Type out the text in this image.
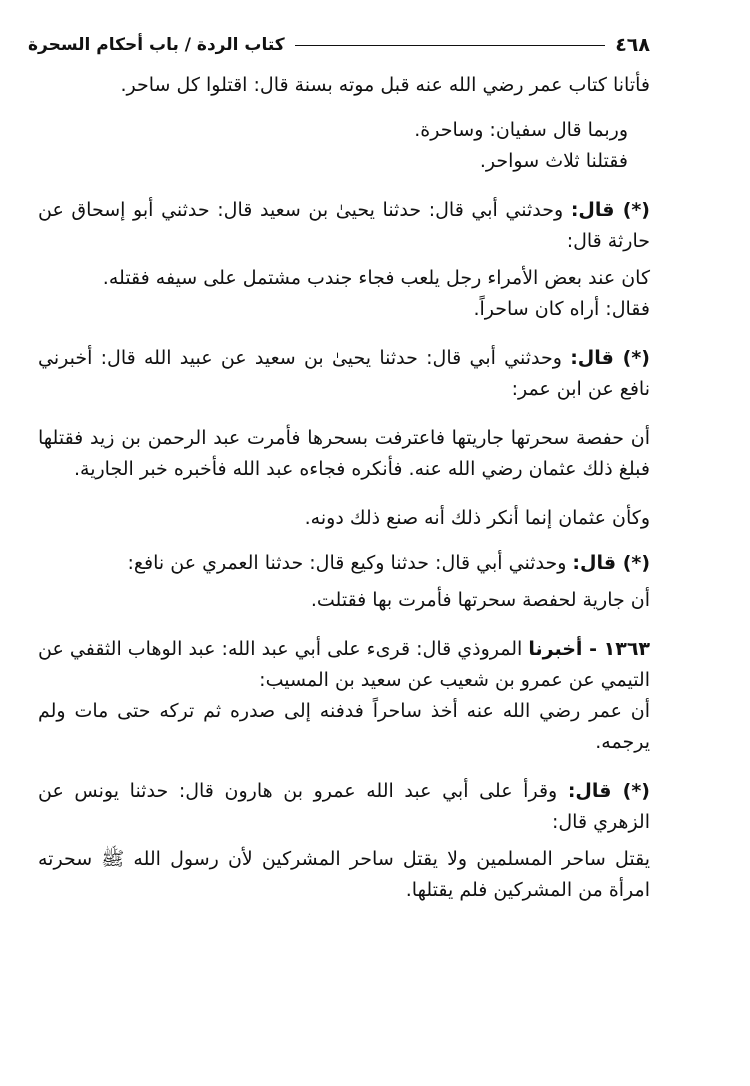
٤٦٨
كتاب الردة / باب أحكام السحرة

فأتانا كتاب عمر رضي الله عنه قبل موته بسنة قال: اقتلوا كل ساحر.

وربما قال سفيان: وساحرة.

فقتلنا ثلاث سواحر.

(*) قال: وحدثني أبي قال: حدثنا يحيىٰ بن سعيد قال: حدثني أبو إسحاق عن حارثة قال:

كان عند بعض الأمراء رجل يلعب فجاء جندب مشتمل على سيفه فقتله.

فقال: أراه كان ساحراً.

(*) قال: وحدثني أبي قال: حدثنا يحيىٰ بن سعيد عن عبيد الله قال: أخبرني نافع عن ابن عمر:

أن حفصة سحرتها جاريتها فاعترفت بسحرها فأمرت عبد الرحمن بن زيد فقتلها فبلغ ذلك عثمان رضي الله عنه. فأنكره فجاءه عبد الله فأخبره خبر الجارية.

وكأن عثمان إنما أنكر ذلك أنه صنع ذلك دونه.

(*) قال: وحدثني أبي قال: حدثنا وكيع قال: حدثنا العمري عن نافع:

أن جارية لحفصة سحرتها فأمرت بها فقتلت.

١٣٦٣ - أخبرنا المروذي قال: قرىء على أبي عبد الله: عبد الوهاب الثقفي عن التيمي عن عمرو بن شعيب عن سعيد بن المسيب:

أن عمر رضي الله عنه أخذ ساحراً فدفنه إلى صدره ثم تركه حتى مات ولم يرجمه.

(*) قال: وقرأ على أبي عبد الله عمرو بن هارون قال: حدثنا يونس عن الزهري قال:

يقتل ساحر المسلمين ولا يقتل ساحر المشركين لأن رسول الله ﷺ سحرته امرأة من المشركين فلم يقتلها.
